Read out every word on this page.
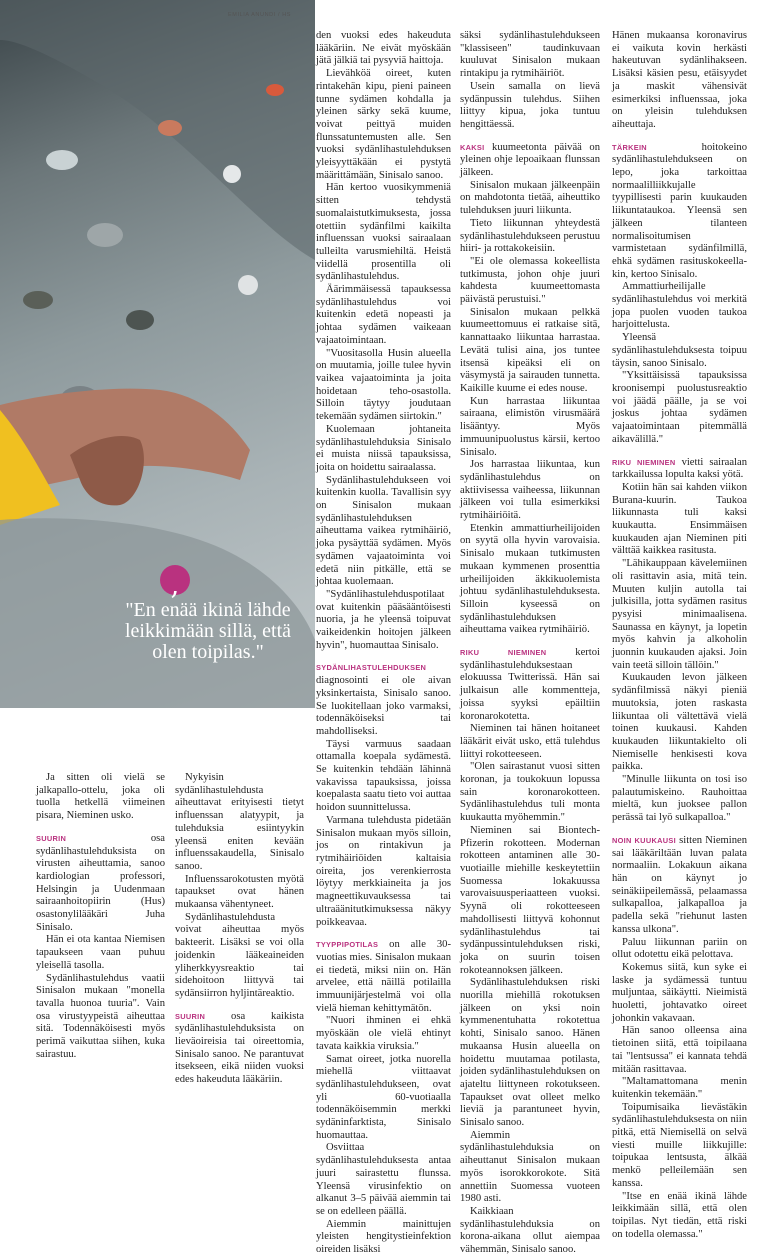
EMILIA ANUNDI / HS
,
"En enää ikinä lähde leikkimään sillä, että olen toipilas."

Ja sitten oli vielä se jalkapallo-ottelu, joka oli tuolla hetkellä viimeinen pisara, Nieminen usko.

SUURIN	osa sydänlihastulehduksista on virusten aiheuttamia, sanoo kardiologian professori, Helsingin ja Uudenmaan sairaanhoitopiirin (Hus) osastonylilääkäri Juha Sinisalo.

Hän ei ota kantaa Niemisen tapaukseen vaan puhuu yleisellä tasolla.

Sydänlihastulehdus vaatii Sinisalon mukaan "monella tavalla huonoa tuuria". Vain osa virustyypeistä aiheuttaa sitä. Todennäköisesti myös perimä vaikuttaa siihen, kuka sairastuu.

Nykyisin sydänlihastulehdusta aiheuttavat erityisesti tietyt influenssan alatyypit, ja tulehduksia esiintyykin yleensä eniten kevään influenssakaudella, Sinisalo sanoo.

Influenssarokotusten myötä tapaukset ovat hänen mukaansa vähentyneet.

Sydänlihastulehdusta voivat aiheuttaa myös bakteerit. Lisäksi se voi olla joidenkin lääkeaineiden yliherkkyysreaktio tai sidehoitoon liittyvä tai sydänsiirron hyljintäreaktio.

SUURIN osa kaikista sydänlihastulehduksista on lieväoireisia tai oireettomia, Sinisalo sanoo. Ne parantuvat itsekseen, eikä niiden vuoksi edes hakeuduta lääkäriin.

den vuoksi edes hakeuduta lääkäriin. Ne eivät myöskään jätä jälkiä tai pysyviä haittoja.

Lievähköä oireet, kuten rintakehän kipu, pieni paineen tunne sydämen kohdalla ja yleinen särky sekä kuume, voivat peittyä muiden flunssatuntemusten alle. Sen vuoksi sydänlihastulehduksen yleisyyttäkään ei pystytä määrittämään, Sinisalo sanoo.

Hän kertoo vuosikymmeniä sitten tehdystä suomalaistutkimuksesta, jossa otettiin sydänfilmi kaikilta influenssan vuoksi sairaalaan tulleilta varusmiehiltä. Heistä viidellä prosentilla oli sydänlihastulehdus.

Äärimmäisessä tapauksessa sydänlihastulehdus voi kuitenkin edetä nopeasti ja johtaa sydämen vaikeaan vajaatoimintaan.

"Vuositasolla Husin alueella on muutamia, joille tulee hyvin vaikea vajaatoiminta ja joita hoidetaan teho-osastolla. Silloin täytyy joudutaan tekemään sydämen siirtokin."

Kuolemaan johtaneita sydänlihastulehduksia Sinisalo ei muista niissä tapauksissa, joita on hoidettu sairaalassa.

Sydänlihastulehdukseen voi kuitenkin kuolla. Tavallisin syy on Sinisalon mukaan sydänlihastulehduksen aiheuttama vaikea rytmihäiriö, joka pysäyttää sydämen. Myös sydämen vajaatoiminta voi edetä niin pitkälle, että se johtaa kuolemaan.

"Sydänlihastulehduspotilaat ovat kuitenkin pääsääntöisesti nuoria, ja he yleensä toipuvat vaikeidenkin hoitojen jälkeen hyvin", huomauttaa Sinisalo.

SYDÄNLIHASTULEHDUKSEN diagnosointi ei ole aivan yksinkertaista, Sinisalo sanoo. Se luokitellaan joko varmaksi, todennäköiseksi tai mahdolliseksi.

Täysi varmuus saadaan ottamalla koepala sydämestä. Se kuitenkin tehdään lähinnä vakavissa tapauksissa, joissa koepalasta saatu tieto voi auttaa hoidon suunnittelussa.

Varmana tulehdusta pidetään Sinisalon mukaan myös silloin, jos on rintakivun ja rytmihäiriöiden kaltaisia oireita, jos verenkierrosta löytyy merkkiaineita ja jos magneettikuvauksessa tai ultraäänitutkimuksessa näkyy poikkeavaa.

TYYPPIPOTILAS on alle 30-vuotias mies. Sinisalon mukaan ei tiedetä, miksi niin on. Hän arvelee, että näillä potilailla immuunijärjestelmä voi olla vielä hieman kehittymätön.

"Nuori ihminen ei ehkä myöskään ole vielä ehtinyt tavata kaikkia viruksia."

Samat oireet, jotka nuorella miehellä viittaavat sydänlihastulehdukseen, ovat yli 60-vuotiaalla todennäköisemmin merkki sydäninfarktista, Sinisalo huomauttaa.

Osviittaa sydänlihastulehduksesta antaa juuri sairastettu flunssa. Yleensä virusinfektio on alkanut 3–5 päivää aiemmin tai se on edelleen päällä.

Aiemmin mainittujen yleisten hengitystieinfektion oireiden lisäksi

säksi sydänlihastulehdukseen "klassiseen" taudinkuvaan kuuluvat Sinisalon mukaan rintakipu ja rytmihäiriöt.

Usein samalla on lievä sydänpussin tulehdus. Siihen liittyy kipua, joka tuntuu hengittäessä.

KAKSI kuumeetonta päivää on yleinen ohje lepoaikaan flunssan jälkeen.

Sinisalon mukaan jälkeenpäin on mahdotonta tietää, aiheuttiko tulehduksen juuri liikunta.

Tieto liikunnan yhteydestä sydänlihastulehdukseen perustuu hiiri- ja rottakokeisiin.

"Ei ole olemassa kokeellista tutkimusta, johon ohje juuri kahdesta kuumeettomasta päivästä perustuisi."

Sinisalon mukaan pelkkä kuumeettomuus ei ratkaise sitä, kannattaako liikuntaa harrastaa. Levätä tulisi aina, jos tuntee itsensä kipeäksi eli on väsymystä ja sairauden tunnetta. Kaikille kuume ei edes nouse.

Kun harrastaa liikuntaa sairaana, elimistön virusmäärä lisääntyy. Myös immuunipuolustus kärsii, kertoo Sinisalo.

Jos harrastaa liikuntaa, kun sydänlihastulehdus on aktiivisessa vaiheessa, liikunnan jälkeen voi tulla esimerkiksi rytmihäiriöitä.

Etenkin ammattiurheilijoiden on syytä olla hyvin varovaisia. Sinisalo mukaan tutkimusten mukaan kymmenen prosenttia urheilijoiden äkkikuolemista johtuu sydänlihastulehduksesta. Silloin kyseessä on sydänlihastulehduksen aiheuttama vaikea rytmihäiriö.

RIKU NIEMINEN	kertoi sydänlihastulehduksestaan elokuussa Twitterissä. Hän sai julkaisun alle kommentteja, joissa syyksi epäiltiin koronarokotetta.

Nieminen tai hänen hoitaneet lääkärit eivät usko, että tulehdus liittyi rokotteeseen.

"Olen sairastanut vuosi sitten koronan, ja toukokuun lopussa sain koronarokotteen. Sydänlihastulehdus tuli monta kuukautta myöhemmin."

Nieminen sai Biontech-Pfizerin rokotteen. Modernan rokotteen antaminen alle 30-vuotiaille miehille keskeytettiin Suomessa lokakuussa varovaisuusperiaatteen vuoksi. Syynä oli rokotteeseen mahdollisesti liittyvä kohonnut sydänlihastulehdus tai sydänpussintulehduksen riski, joka on suurin toisen rokoteannoksen jälkeen.

Sydänlihastulehduksen riski nuorilla miehillä rokotuksen jälkeen on yksi noin kymmenentuhatta rokotettua kohti, Sinisalo sanoo. Hänen mukaansa Husin alueella on hoidettu muutamaa potilasta, joiden sydänlihastulehduksen on ajateltu liittyneen rokotukseen. Tapaukset ovat olleet melko lieviä ja parantuneet hyvin, Sinisalo sanoo.

Aiemmin sydänlihastulehduksia on aiheuttanut Sinisalon mukaan myös isorokkorokote. Sitä annettiin Suomessa vuoteen 1980 asti.

Kaikkiaan sydänlihastulehduksia on korona-aikana ollut aiempaa vähemmän, Sinisalo sanoo.

Hänen mukaansa koronavirus ei vaikuta kovin herkästi hakeutuvan sydänlihakseen. Lisäksi käsien pesu, etäisyydet ja maskit vähensivät esimerkiksi influenssaa, joka on yleisin tulehduksen aiheuttaja.

TÄRKEIN	hoitokeino sydänlihastulehdukseen on lepo, joka tarkoittaa normaalilliikkujalle tyypillisesti parin kuukauden liikuntataukoa. Yleensä sen jälkeen tilanteen normalisoitumisen varmistetaan sydänfilmillä, ehkä sydämen rasituskokeella-kin, kertoo Sinisalo.

Ammattiurheilijalle sydänlihastulehdus voi merkitä jopa puolen vuoden taukoa harjoittelusta.

Yleensä sydänlihastulehduksesta toipuu täysin, sanoo Sinisalo.

"Yksittäisissä tapauksissa kroonisempi puolustusreaktio voi jäädä päälle, ja se voi joskus johtaa sydämen vajaatoimintaan pitemmällä aikavälillä."

RIKU NIEMINEN vietti sairaalan tarkkailussa lopulta kaksi yötä.

Kotiin hän sai kahden viikon Burana-kuurin. Taukoa liikunnasta tuli kaksi kuukautta. Ensimmäisen kuukauden ajan Nieminen piti välttää kaikkea rasitusta.

"Lähikauppaan kävelemiinen oli rasittavin asia, mitä tein. Muuten kuljin autolla tai julkisilla, jotta sydämen rasitus pysyisi minimaalisena. Saunassa en käynyt, ja lopetin myös kahvin ja alkoholin juonnin kuukauden ajaksi. Join vain teetä silloin tällöin."

Kuukauden levon jälkeen sydänfilmissä näkyi pieniä muutoksia, joten raskasta liikuntaa oli vältettävä vielä toinen kuukausi. Kahden kuukauden liikuntakielto oli Niemiselle henkisesti kova paikka.

"Minulle liikunta on tosi iso palautumiskeino. Rauhoittaa mieltä, kun juoksee pallon perässä tai lyö sulkapalloa."

NOIN KUUKAUSI sitten Nieminen sai lääkäriltään luvan palata normaaliin. Lokakuun aikana hän on käynyt jo seinäkiipeilemässä, pelaamassa sulkapalloa, jalkapalloa ja padella sekä "riehunut lasten kanssa ulkona".

Paluu liikunnan pariin on ollut odotettu eikä pelottava.

Kokemus siitä, kun syke ei laske ja sydämessä tuntuu muljuntaa, säikäytti. Nieimistä huoletti, johtavatko oireet johonkin vakavaan.

Hän sanoo olleensa aina tietoinen siitä, että toipilaana tai "lentsussa" ei kannata tehdä mitään rasittavaa.

"Maltamattomana menin kuitenkin tekemään."

Toipumisaika lievästäkin sydänlihastulehduksesta on niin pitkä, että Niemisellä on selvä viesti muille liikkujille: toipukaa lentsusta, älkää menkö pelleilemään sen kanssa.

"Itse en enää ikinä lähde leikkimään sillä, että olen toipilas. Nyt tiedän, että riski on todella olemassa."
